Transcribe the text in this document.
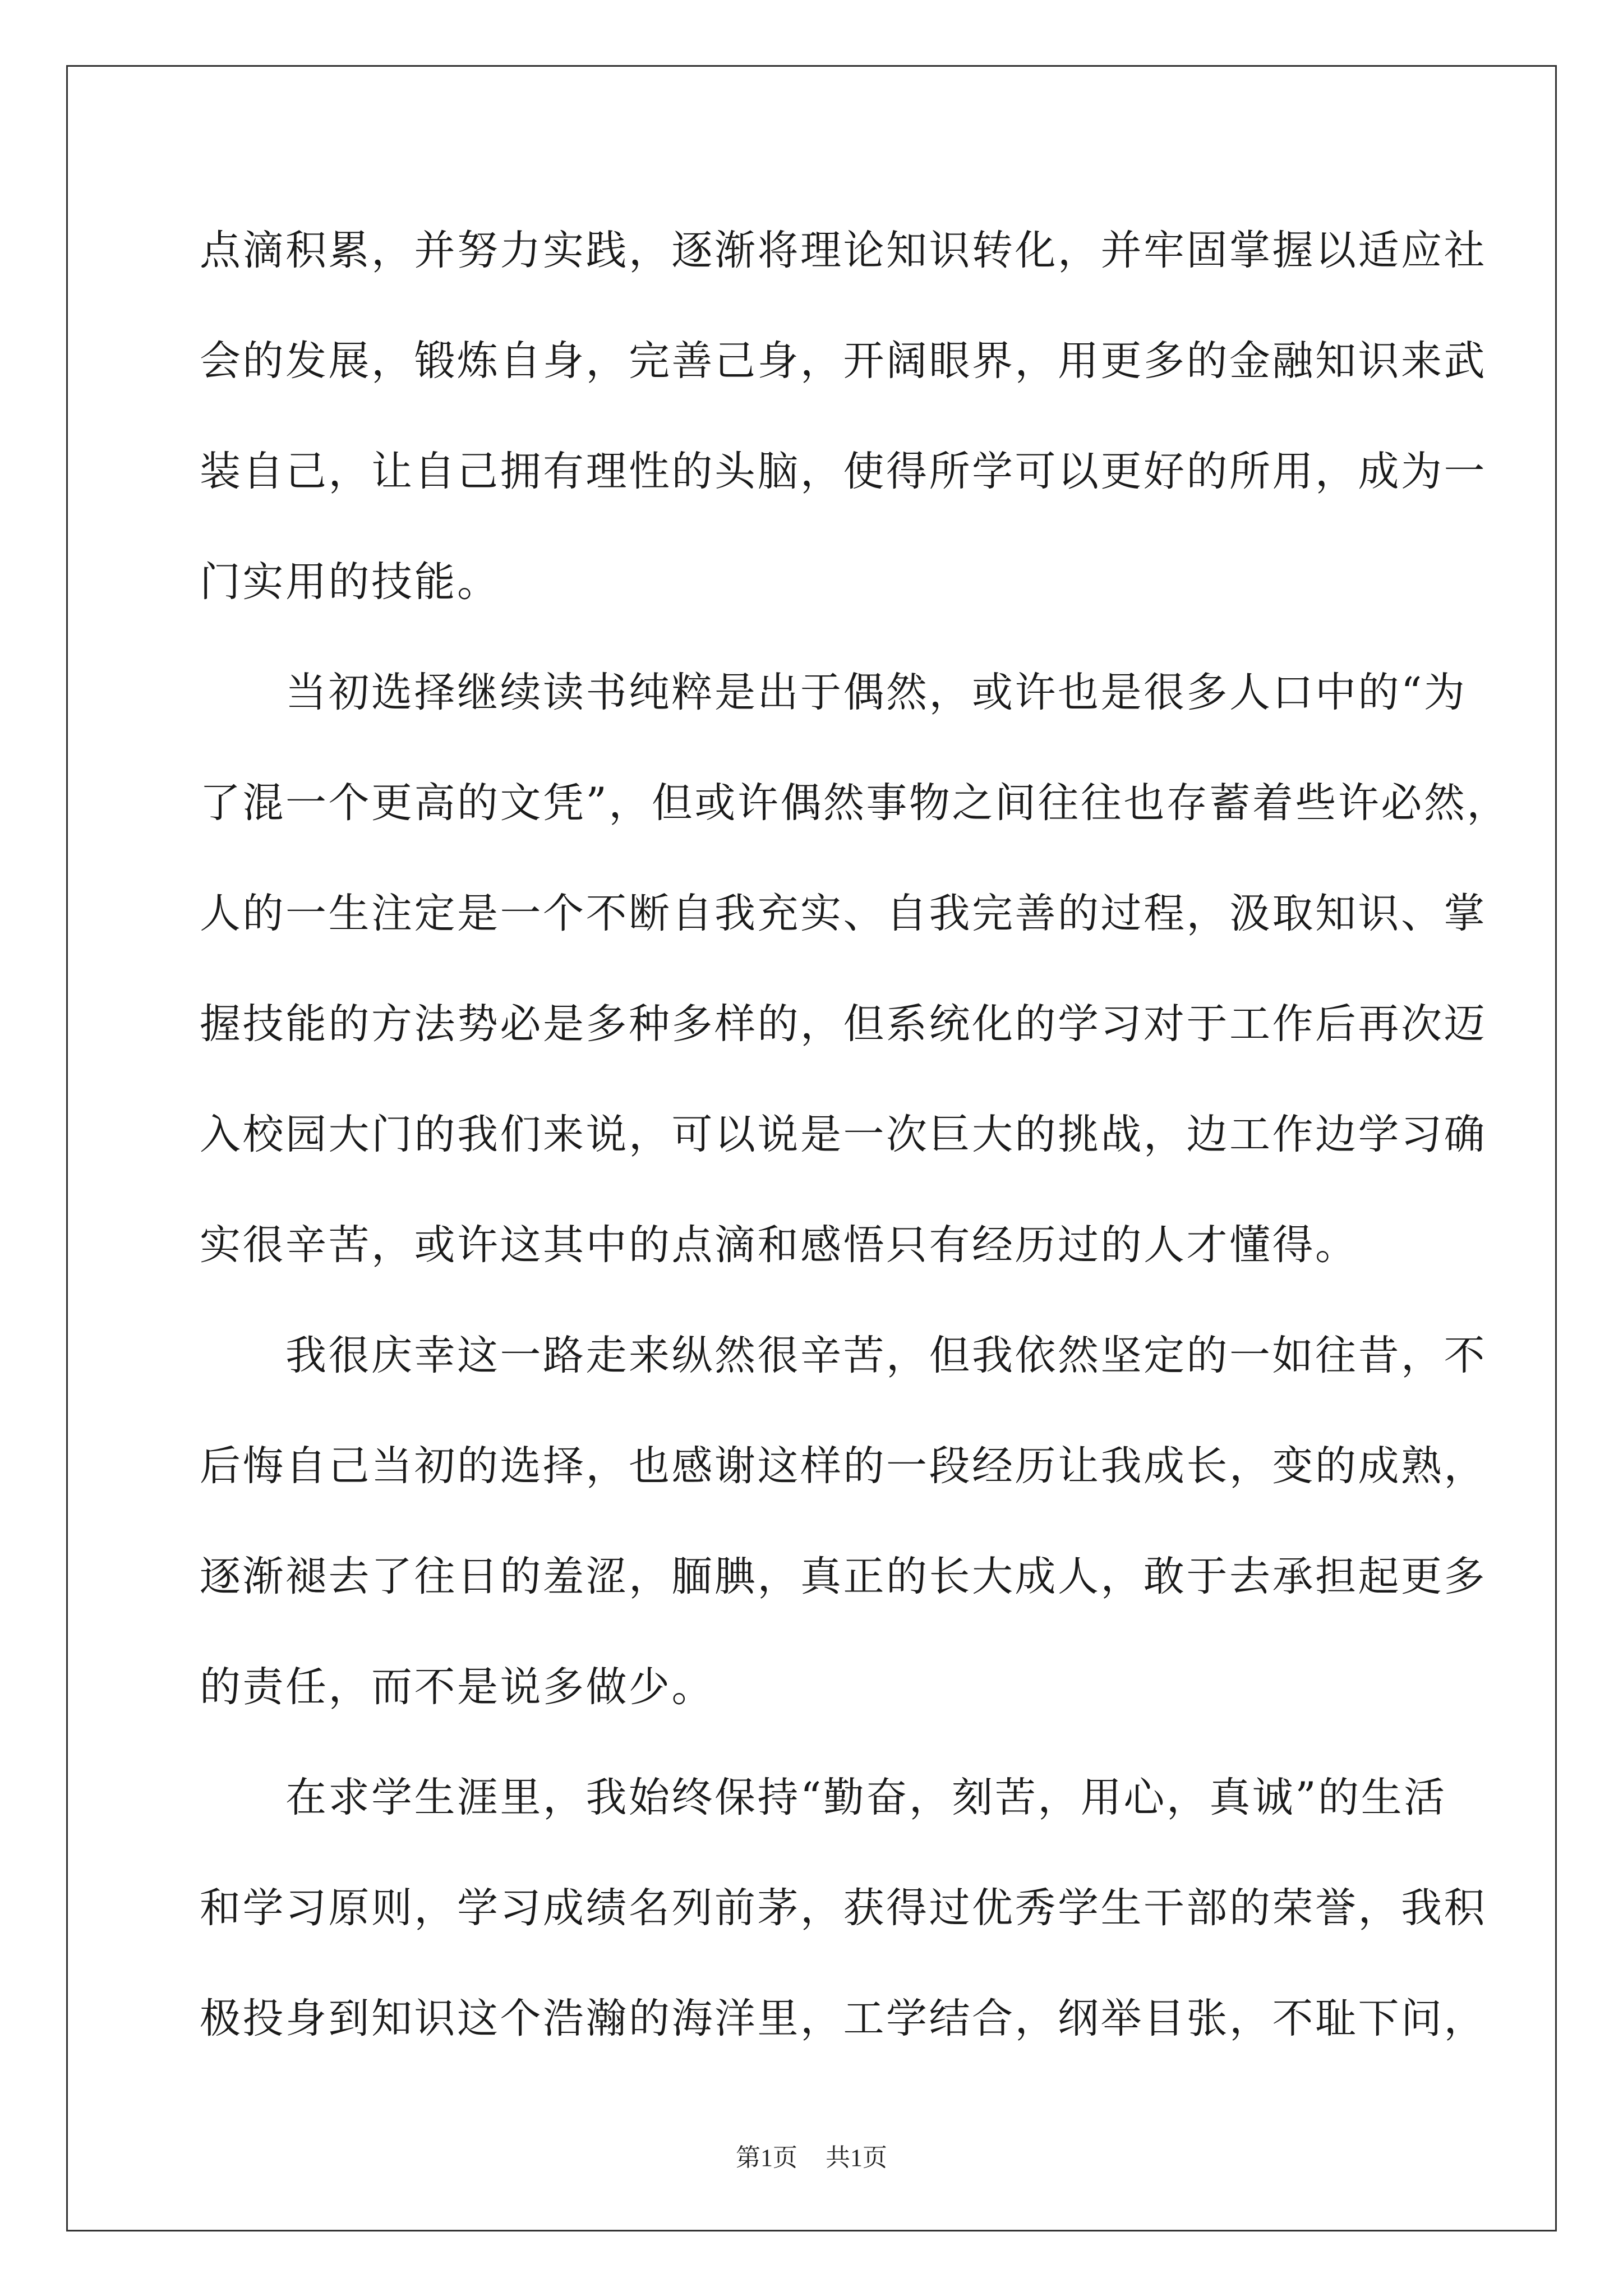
点滴积累，并努力实践，逐渐将理论知识转化，并牢固掌握以适应社
会的发展，锻炼自身，完善己身，开阔眼界，用更多的金融知识来武
装自己，让自己拥有理性的头脑，使得所学可以更好的所用，成为一
门实用的技能。
　　当初选择继续读书纯粹是出于偶然，或许也是很多人口中的“为
了混一个更高的文凭”，但或许偶然事物之间往往也存蓄着些许必然，
人的一生注定是一个不断自我充实、自我完善的过程，汲取知识、掌
握技能的方法势必是多种多样的，但系统化的学习对于工作后再次迈
入校园大门的我们来说，可以说是一次巨大的挑战，边工作边学习确
实很辛苦，或许这其中的点滴和感悟只有经历过的人才懂得。
　　我很庆幸这一路走来纵然很辛苦，但我依然坚定的一如往昔，不
后悔自己当初的选择，也感谢这样的一段经历让我成长，变的成熟，
逐渐褪去了往日的羞涩，腼腆，真正的长大成人，敢于去承担起更多
的责任，而不是说多做少。
　　在求学生涯里，我始终保持“勤奋，刻苦，用心，真诚”的生活
和学习原则，学习成绩名列前茅，获得过优秀学生干部的荣誉，我积
极投身到知识这个浩瀚的海洋里，工学结合，纲举目张，不耻下问，
第1页 共1页
